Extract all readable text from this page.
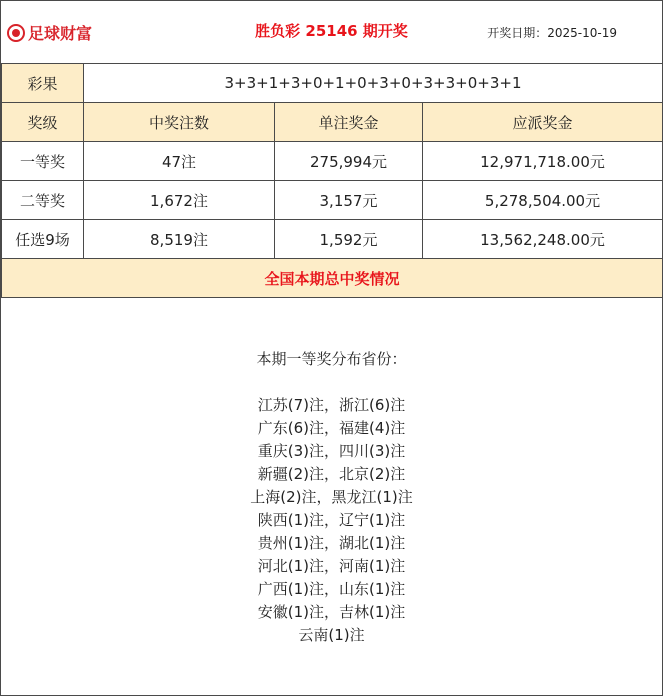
足球财富	胜负彩 25146 期开奖	开奖日期：2025-10-19
彩果	3+3+1+3+0+1+0+3+0+3+3+0+3+1		
奖级	中奖注数	单注奖金	应派奖金
一等奖	47注	275,994元	12,971,718.00元
二等奖	1,672注	3,157元	5,278,504.00元
任选9场	8,519注	1,592元	13,562,248.00元
全国本期总中奖情况			
本期一等奖分布省份：
江苏(7)注，浙江(6)注
广东(6)注，福建(4)注
重庆(3)注，四川(3)注
新疆(2)注，北京(2)注
上海(2)注，黑龙江(1)注
陕西(1)注，辽宁(1)注
贵州(1)注，湖北(1)注
河北(1)注，河南(1)注
广西(1)注，山东(1)注
安徽(1)注，吉林(1)注
云南(1)注
